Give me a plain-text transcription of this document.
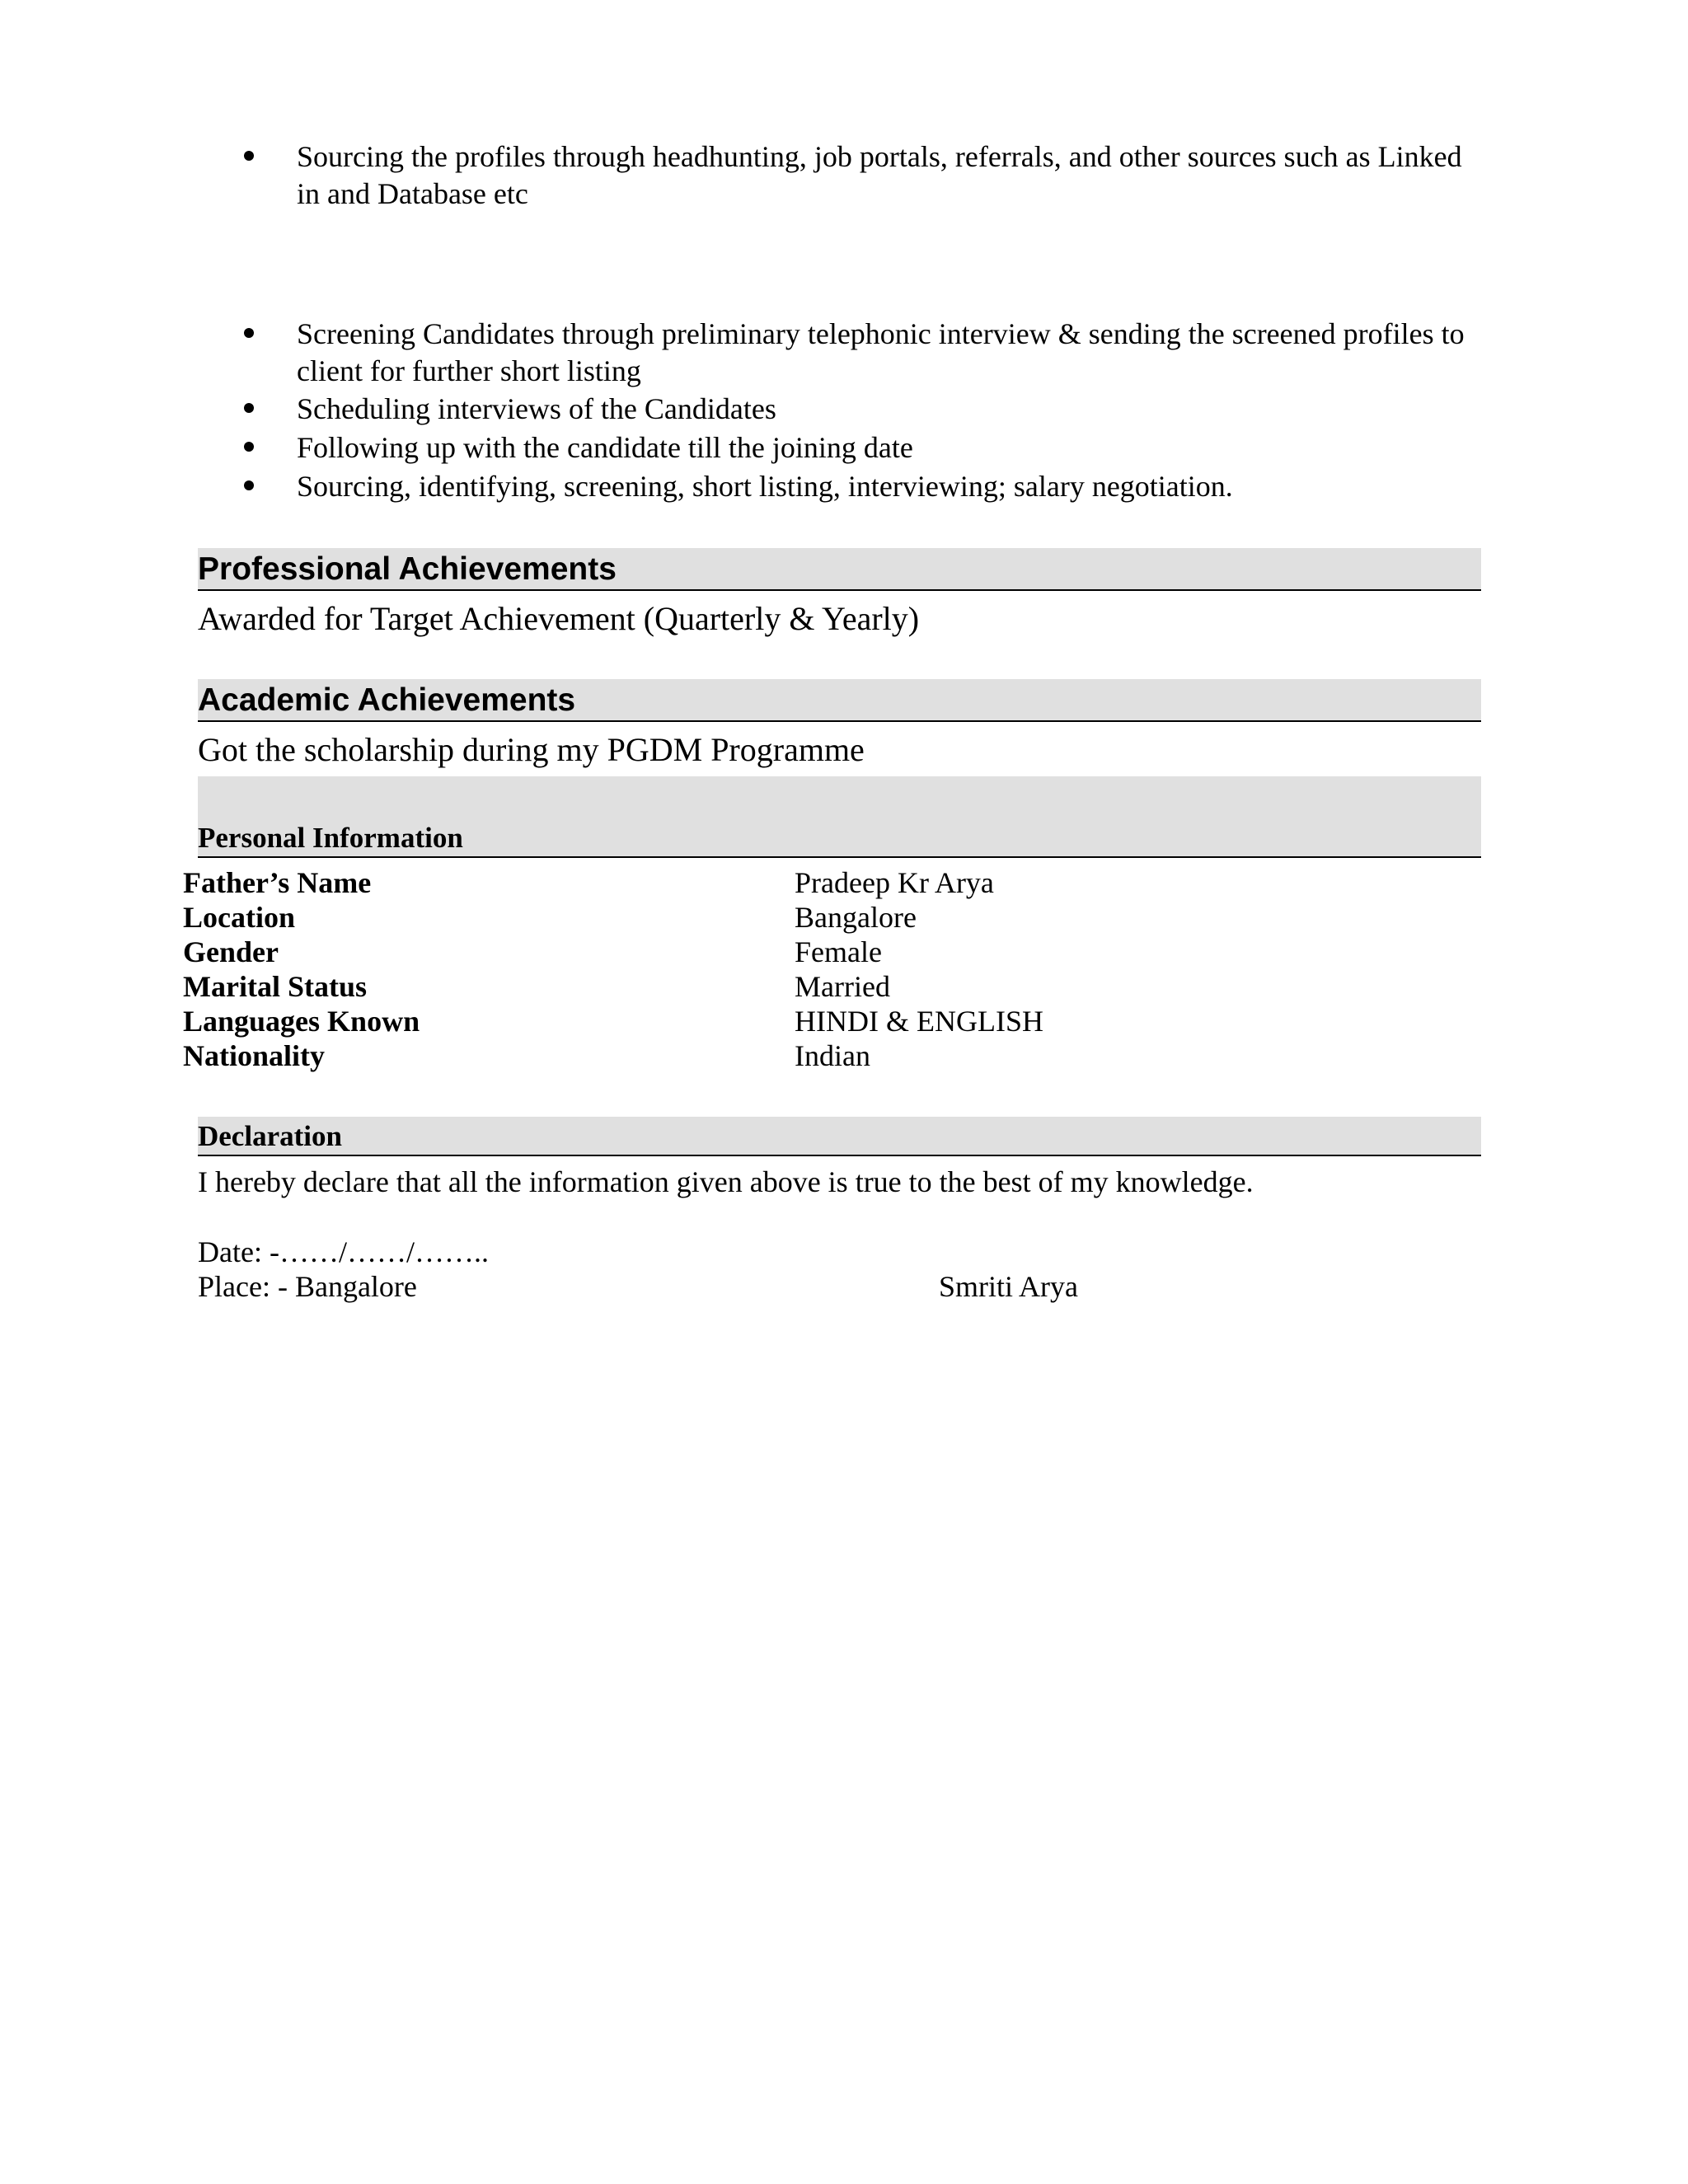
Sourcing the profiles through headhunting, job portals, referrals, and other sources such as Linked in and Database etc
Screening Candidates through preliminary telephonic interview & sending the screened profiles to client for further short listing
Scheduling interviews of the Candidates
Following up with the candidate till the joining date
Sourcing, identifying, screening, short listing, interviewing; salary negotiation.
Professional Achievements
Awarded for Target Achievement (Quarterly & Yearly)
Academic Achievements
Got the scholarship during my PGDM Programme
Personal Information
Father’s Name	Pradeep Kr Arya
Location	Bangalore
Gender	Female
Marital Status	Married
Languages Known	HINDI & ENGLISH
Nationality	Indian
Declaration
I hereby declare that all the information given above is true to the best of my knowledge.
Date: -……/……/……..
Place: - Bangalore	Smriti Arya
